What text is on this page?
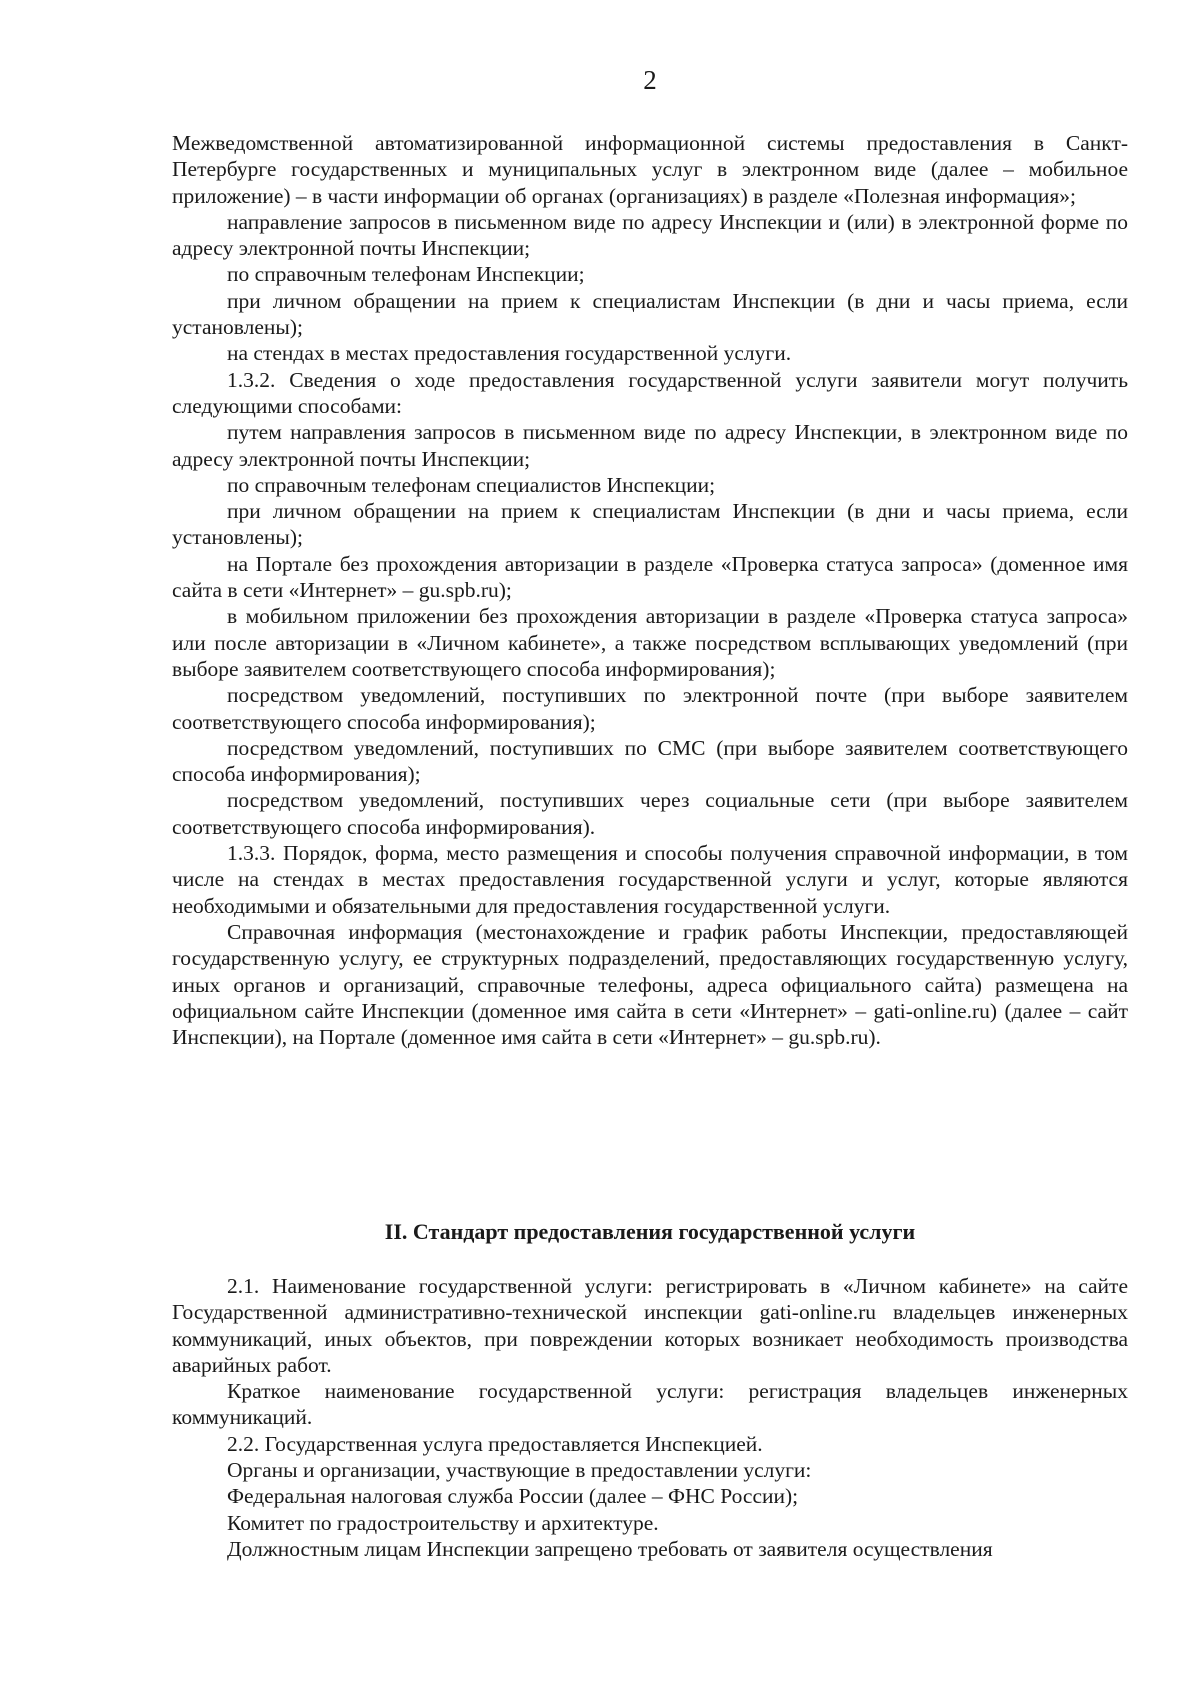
2

Межведомственной автоматизированной информационной системы предоставления в Санкт-Петербурге государственных и муниципальных услуг в электронном виде (далее – мобильное приложение) – в части информации об органах (организациях) в разделе «Полезная информация»;

направление запросов в письменном виде по адресу Инспекции и (или) в электронной форме по адресу электронной почты Инспекции;

по справочным телефонам Инспекции;

при личном обращении на прием к специалистам Инспекции (в дни и часы приема, если установлены);

на стендах в местах предоставления государственной услуги.

1.3.2. Сведения о ходе предоставления государственной услуги заявители могут получить следующими способами:

путем направления запросов в письменном виде по адресу Инспекции, в электронном виде по адресу электронной почты Инспекции;

по справочным телефонам специалистов Инспекции;

при личном обращении на прием к специалистам Инспекции (в дни и часы приема, если установлены);

на Портале без прохождения авторизации в разделе «Проверка статуса запроса» (доменное имя сайта в сети «Интернет» – gu.spb.ru);

в мобильном приложении без прохождения авторизации в разделе «Проверка статуса запроса» или после авторизации в «Личном кабинете», а также посредством всплывающих уведомлений (при выборе заявителем соответствующего способа информирования);

посредством уведомлений, поступивших по электронной почте (при выборе заявителем соответствующего способа информирования);

посредством уведомлений, поступивших по СМС (при выборе заявителем соответствующего способа информирования);

посредством уведомлений, поступивших через социальные сети (при выборе заявителем соответствующего способа информирования).

1.3.3. Порядок, форма, место размещения и способы получения справочной информации, в том числе на стендах в местах предоставления государственной услуги и услуг, которые являются необходимыми и обязательными для предоставления государственной услуги.

Справочная информация (местонахождение и график работы Инспекции, предоставляющей государственную услугу, ее структурных подразделений, предоставляющих государственную услугу, иных органов и организаций, справочные телефоны, адреса официального сайта) размещена на официальном сайте Инспекции (доменное имя сайта в сети «Интернет» – gati-online.ru) (далее – сайт Инспекции), на Портале (доменное имя сайта в сети «Интернет» – gu.spb.ru).

II. Стандарт предоставления государственной услуги

2.1. Наименование государственной услуги: регистрировать в «Личном кабинете» на сайте Государственной административно-технической инспекции gati-online.ru владельцев инженерных коммуникаций, иных объектов, при повреждении которых возникает необходимость производства аварийных работ.

Краткое наименование государственной услуги: регистрация владельцев инженерных коммуникаций.

2.2. Государственная услуга предоставляется Инспекцией.

Органы и организации, участвующие в предоставлении услуги:

Федеральная налоговая служба России (далее – ФНС России);

Комитет по градостроительству и архитектуре.

Должностным лицам Инспекции запрещено требовать от заявителя осуществления
